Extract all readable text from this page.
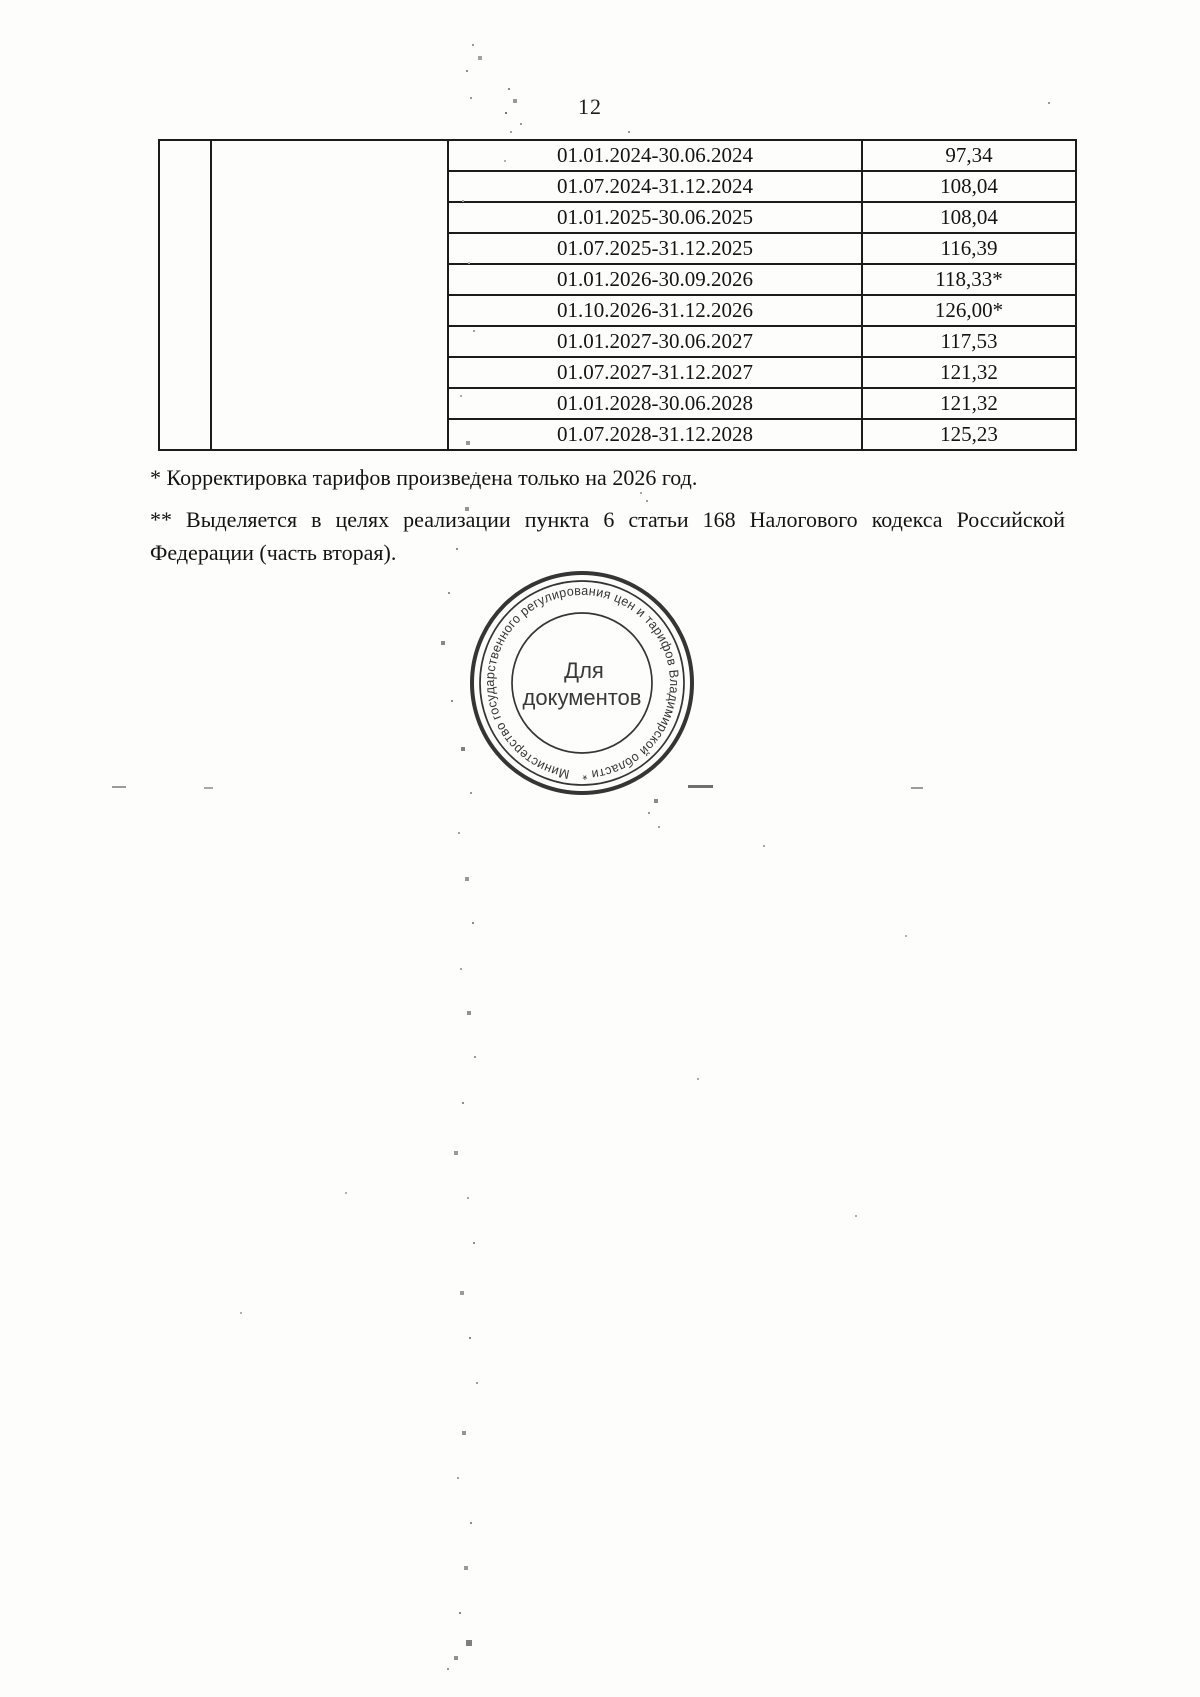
12
01.01.2024-30.06.2024	97,34
01.07.2024-31.12.2024	108,04
01.01.2025-30.06.2025	108,04
01.07.2025-31.12.2025	116,39
01.01.2026-30.09.2026	118,33*
01.10.2026-31.12.2026	126,00*
01.01.2027-30.06.2027	117,53
01.07.2027-31.12.2027	121,32
01.01.2028-30.06.2028	121,32
01.07.2028-31.12.2028	125,23
* Корректировка тарифов произведена только на 2026 год.
** Выделяется в целях реализации пункта 6 статьи 168 Налогового кодекса Российской
Федерации (часть вторая).
Министерство государственного регулирования цен и тарифов Владимирской области *
Для
документов
